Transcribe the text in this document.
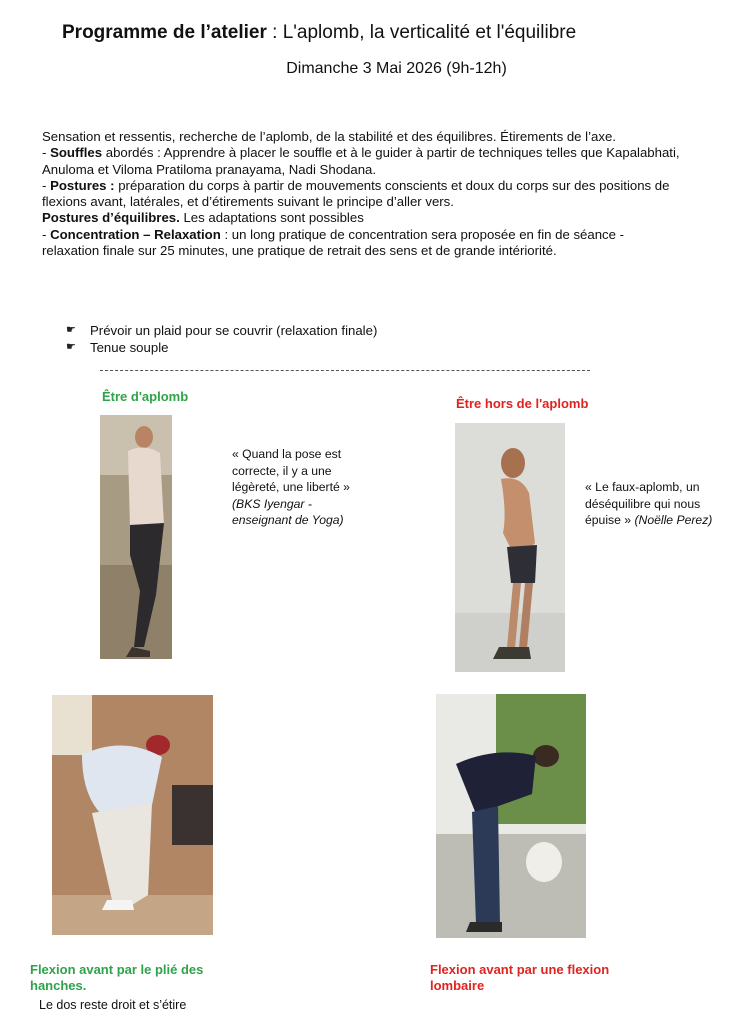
Programme de l’atelier : L'aplomb, la verticalité et l'équilibre
Dimanche 3 Mai 2026 (9h-12h)

Sensation et ressentis, recherche de l’aplomb, de la stabilité et des équilibres. Étirements de l’axe.

- Souffles abordés : Apprendre à placer le souffle et à le guider à partir de techniques telles que Kapalabhati, Anuloma et Viloma Pratiloma pranayama, Nadi Shodana.

- Postures : préparation du corps à partir de mouvements conscients et doux du corps sur des positions de flexions avant, latérales, et d’étirements suivant le principe d’aller vers.

Postures d’équilibres. Les adaptations sont possibles

- Concentration – Relaxation : un long pratique de concentration sera proposée en fin de séance - relaxation finale sur 25 minutes, une pratique de retrait des sens et de grande intériorité.

☛	Prévoir un plaid pour se couvrir (relaxation finale)
☛	Tenue souple
Être d'aplomb
« Quand la pose est correcte, il y a une légèreté, une liberté »
(BKS Iyengar - enseignant de Yoga)
Être hors de l'aplomb
« Le faux-aplomb, un déséquilibre qui nous épuise » (Noëlle Perez)
Flexion avant par le plié des hanches.
Le dos reste droit et s’étire
Flexion avant par une flexion lombaire
